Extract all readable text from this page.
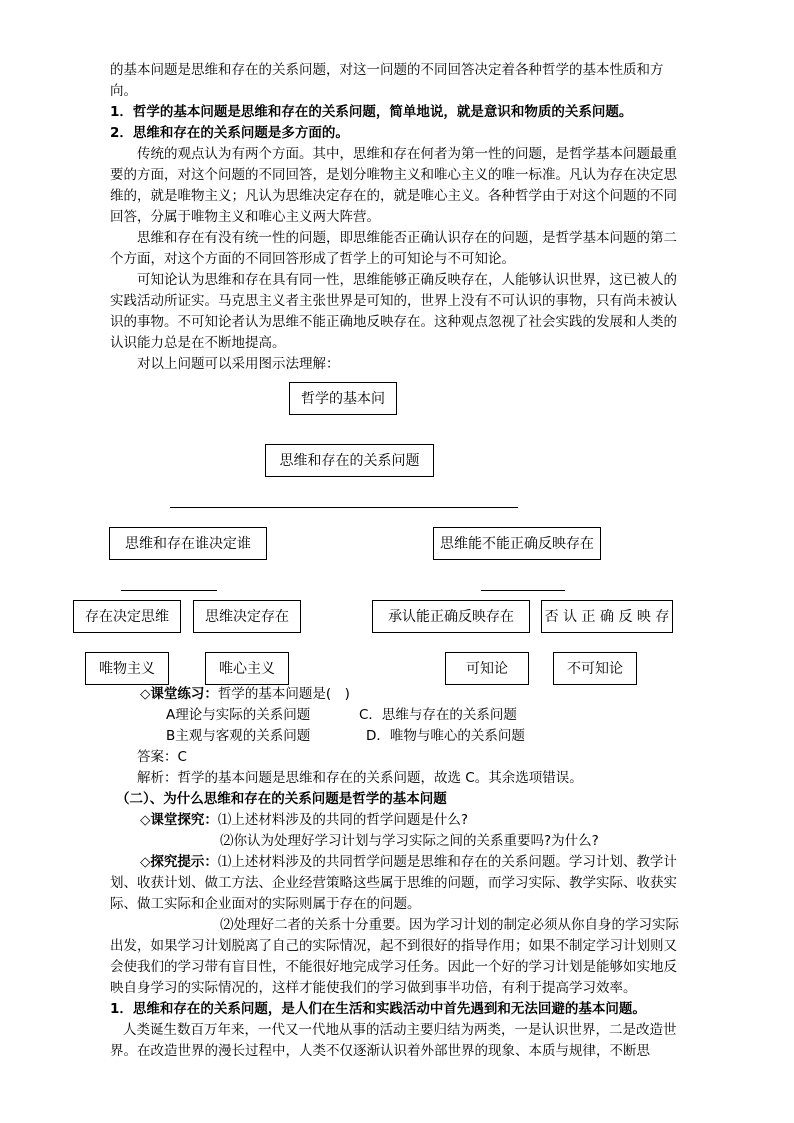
的基本问题是思维和存在的关系问题，对这一问题的不同回答决定着各种哲学的基本性质和方向。

1．哲学的基本问题是思维和存在的关系问题，简单地说，就是意识和物质的关系问题。

2．思维和存在的关系问题是多方面的。

传统的观点认为有两个方面。其中，思维和存在何者为第一性的问题，是哲学基本问题最重要的方面，对这个问题的不同回答，是划分唯物主义和唯心主义的唯一标准。凡认为存在决定思维的，就是唯物主义；凡认为思维决定存在的，就是唯心主义。各种哲学由于对这个问题的不同回答，分属于唯物主义和唯心主义两大阵营。

思维和存在有没有统一性的问题，即思维能否正确认识存在的问题，是哲学基本问题的第二个方面，对这个方面的不同回答形成了哲学上的可知论与不可知论。

可知论认为思维和存在具有同一性，思维能够正确反映存在，人能够认识世界，这已被人的实践活动所证实。马克思主义者主张世界是可知的，世界上没有不可认识的事物，只有尚未被认识的事物。不可知论者认为思维不能正确地反映存在。这种观点忽视了社会实践的发展和人类的认识能力总是在不断地提高。

对以上问题可以采用图示法理解：

哲学的基本问
思维和存在的关系问题
思维和存在谁决定谁	思维能不能正确反映存在
存在决定思维	思维决定存在	承认能正确反映存在	否 认 正 确 反 映 存
唯物主义	唯心主义	可知论	不可知论

◇课堂练习：哲学的基本问题是(　)

A理论与实际的关系问题	C．思维与存在的关系问题

B主观与客观的关系问题	D．唯物与唯心的关系问题

答案：C

解析：哲学的基本问题是思维和存在的关系问题，故选 C。其余选项错误。

（二）、为什么思维和存在的关系问题是哲学的基本问题

◇课堂探究：⑴上述材料涉及的共同的哲学问题是什么?

⑵你认为处理好学习计划与学习实际之间的关系重要吗?为什么?

◇探究提示：⑴上述材料涉及的共同哲学问题是思维和存在的关系问题。学习计划、教学计划、收获计划、做工方法、企业经营策略这些属于思维的问题，而学习实际、教学实际、收获实际、做工实际和企业面对的实际则属于存在的问题。

⑵处理好二者的关系十分重要。因为学习计划的制定必须从你自身的学习实际出发，如果学习计划脱离了自己的实际情况，起不到很好的指导作用；如果不制定学习计划则又会使我们的学习带有盲目性，不能很好地完成学习任务。因此一个好的学习计划是能够如实地反映自身学习的实际情况的，这样才能使我们的学习做到事半功倍，有利于提高学习效率。

1．思维和存在的关系问题，是人们在生活和实践活动中首先遇到和无法回避的基本问题。

人类诞生数百万年来，一代又一代地从事的活动主要归结为两类，一是认识世界，二是改造世界。在改造世界的漫长过程中，人类不仅逐渐认识着外部世界的现象、本质与规律，不断思
